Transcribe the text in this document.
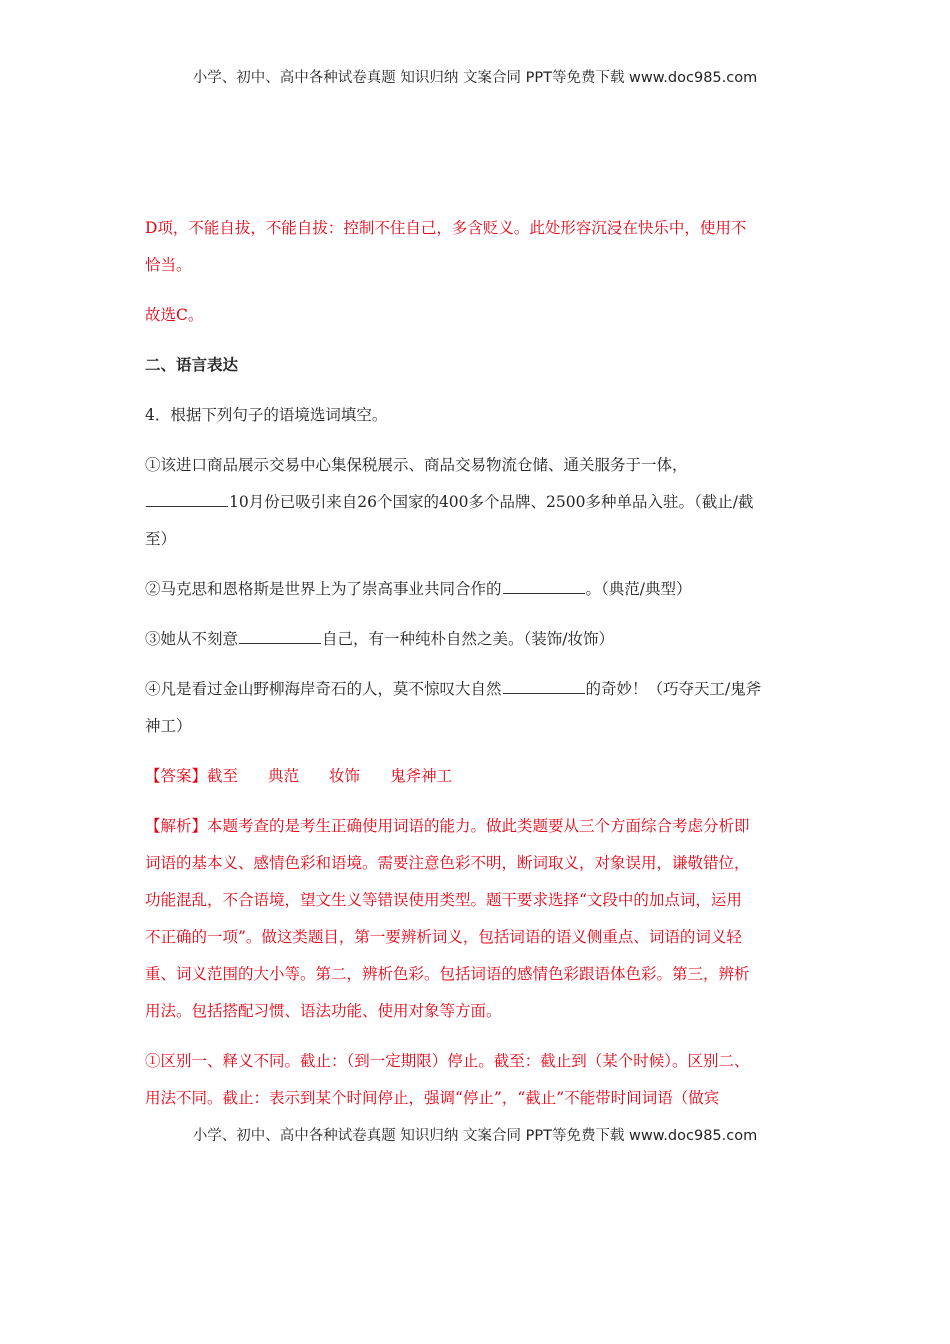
小学、初中、高中各种试卷真题 知识归纳 文案合同 PPT等免费下载 www.doc985.com

D项，不能自拔，不能自拔：控制不住自己，多含贬义。此处形容沉浸在快乐中，使用不

恰当。

故选C。

二、语言表达

4．根据下列句子的语境选词填空。

①该进口商品展示交易中心集保税展示、商品交易物流仓储、通关服务于一体，

10月份已吸引来自26个国家的400多个品牌、2500多种单品入驻。（截止/截

至）

②马克思和恩格斯是世界上为了崇高事业共同合作的	。（典范/典型）

③她从不刻意	自己，有一种纯朴自然之美。（装饰/妆饰）

④凡是看过金山野柳海岸奇石的人，莫不惊叹大自然	的奇妙！（巧夺天工/鬼斧

神工）

【答案】截至 典范 妆饰 鬼斧神工

【解析】本题考查的是考生正确使用词语的能力。做此类题要从三个方面综合考虑分析即

词语的基本义、感情色彩和语境。需要注意色彩不明，断词取义，对象误用，谦敬错位，

功能混乱，不合语境，望文生义等错误使用类型。题干要求选择“文段中的加点词，运用

不正确的一项”。做这类题目，第一要辨析词义，包括词语的语义侧重点、词语的词义轻

重、词义范围的大小等。第二，辨析色彩。包括词语的感情色彩跟语体色彩。第三，辨析

用法。包括搭配习惯、语法功能、使用对象等方面。

①区别一、释义不同。截止：（到一定期限）停止。截至：截止到（某个时候）。区别二、

用法不同。截止：表示到某个时间停止，强调“停止”，“截止”不能带时间词语（做宾

小学、初中、高中各种试卷真题 知识归纳 文案合同 PPT等免费下载 www.doc985.com
